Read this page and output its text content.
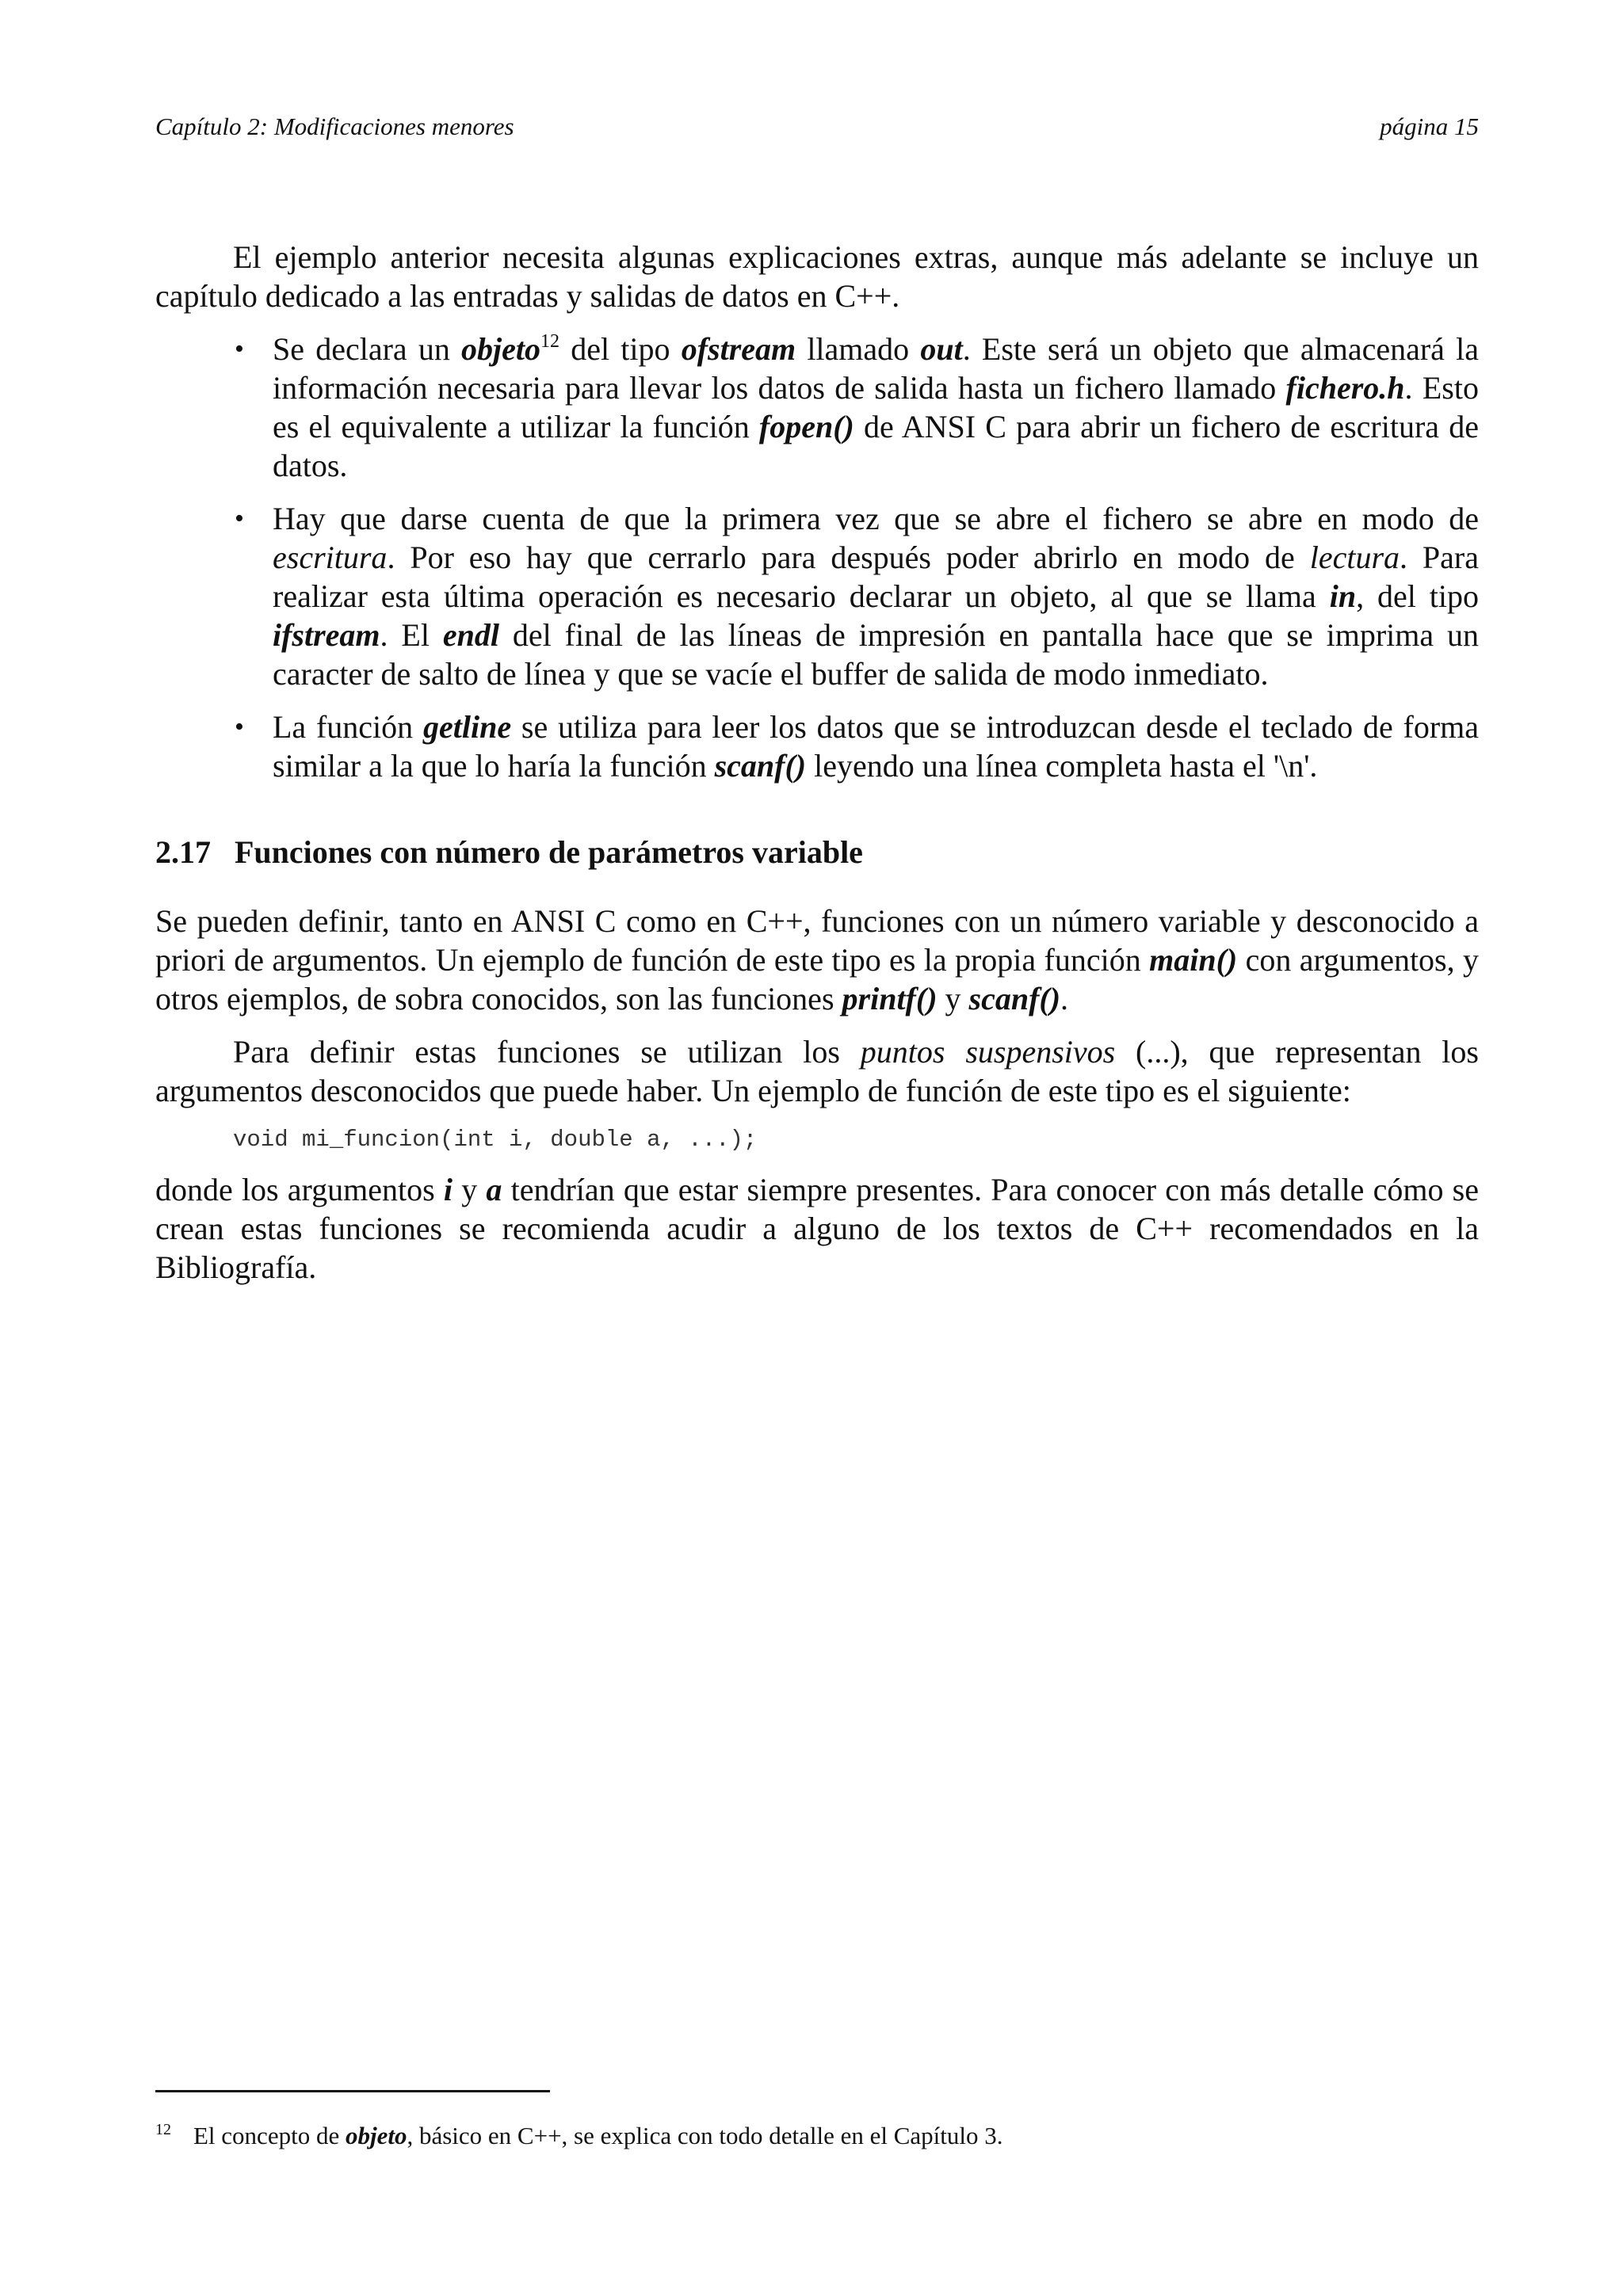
Capítulo 2: Modificaciones menores	página 15

El ejemplo anterior necesita algunas explicaciones extras, aunque más adelante se incluye un capítulo dedicado a las entradas y salidas de datos en C++.

• Se declara un objeto$^{12}$ del tipo ofstream llamado out. Este será un objeto que almacenará la información necesaria para llevar los datos de salida hasta un fichero llamado fichero.h. Esto es el equivalente a utilizar la función fopen() de ANSI C para abrir un fichero de escritura de datos.
• Hay que darse cuenta de que la primera vez que se abre el fichero se abre en modo de escritura. Por eso hay que cerrarlo para después poder abrirlo en modo de lectura. Para realizar esta última operación es necesario declarar un objeto, al que se llama in, del tipo ifstream. El endl del final de las líneas de impresión en pantalla hace que se imprima un caracter de salto de línea y que se vacíe el buffer de salida de modo inmediato.
• La función getline se utiliza para leer los datos que se introduzcan desde el teclado de forma similar a la que lo haría la función scanf() leyendo una línea completa hasta el '\n'.
2.17 Funciones con número de parámetros variable

Se pueden definir, tanto en ANSI C como en C++, funciones con un número variable y desconocido a priori de argumentos. Un ejemplo de función de este tipo es la propia función main() con argumentos, y otros ejemplos, de sobra conocidos, son las funciones printf() y scanf().

Para definir estas funciones se utilizan los puntos suspensivos (...), que representan los argumentos desconocidos que puede haber. Un ejemplo de función de este tipo es el siguiente:

void mi_funcion(int i, double a, ...);

donde los argumentos i y a tendrían que estar siempre presentes. Para conocer con más detalle cómo se crean estas funciones se recomienda acudir a alguno de los textos de C++ recomendados en la Bibliografía.

12 El concepto de objeto, básico en C++, se explica con todo detalle en el Capítulo 3.
